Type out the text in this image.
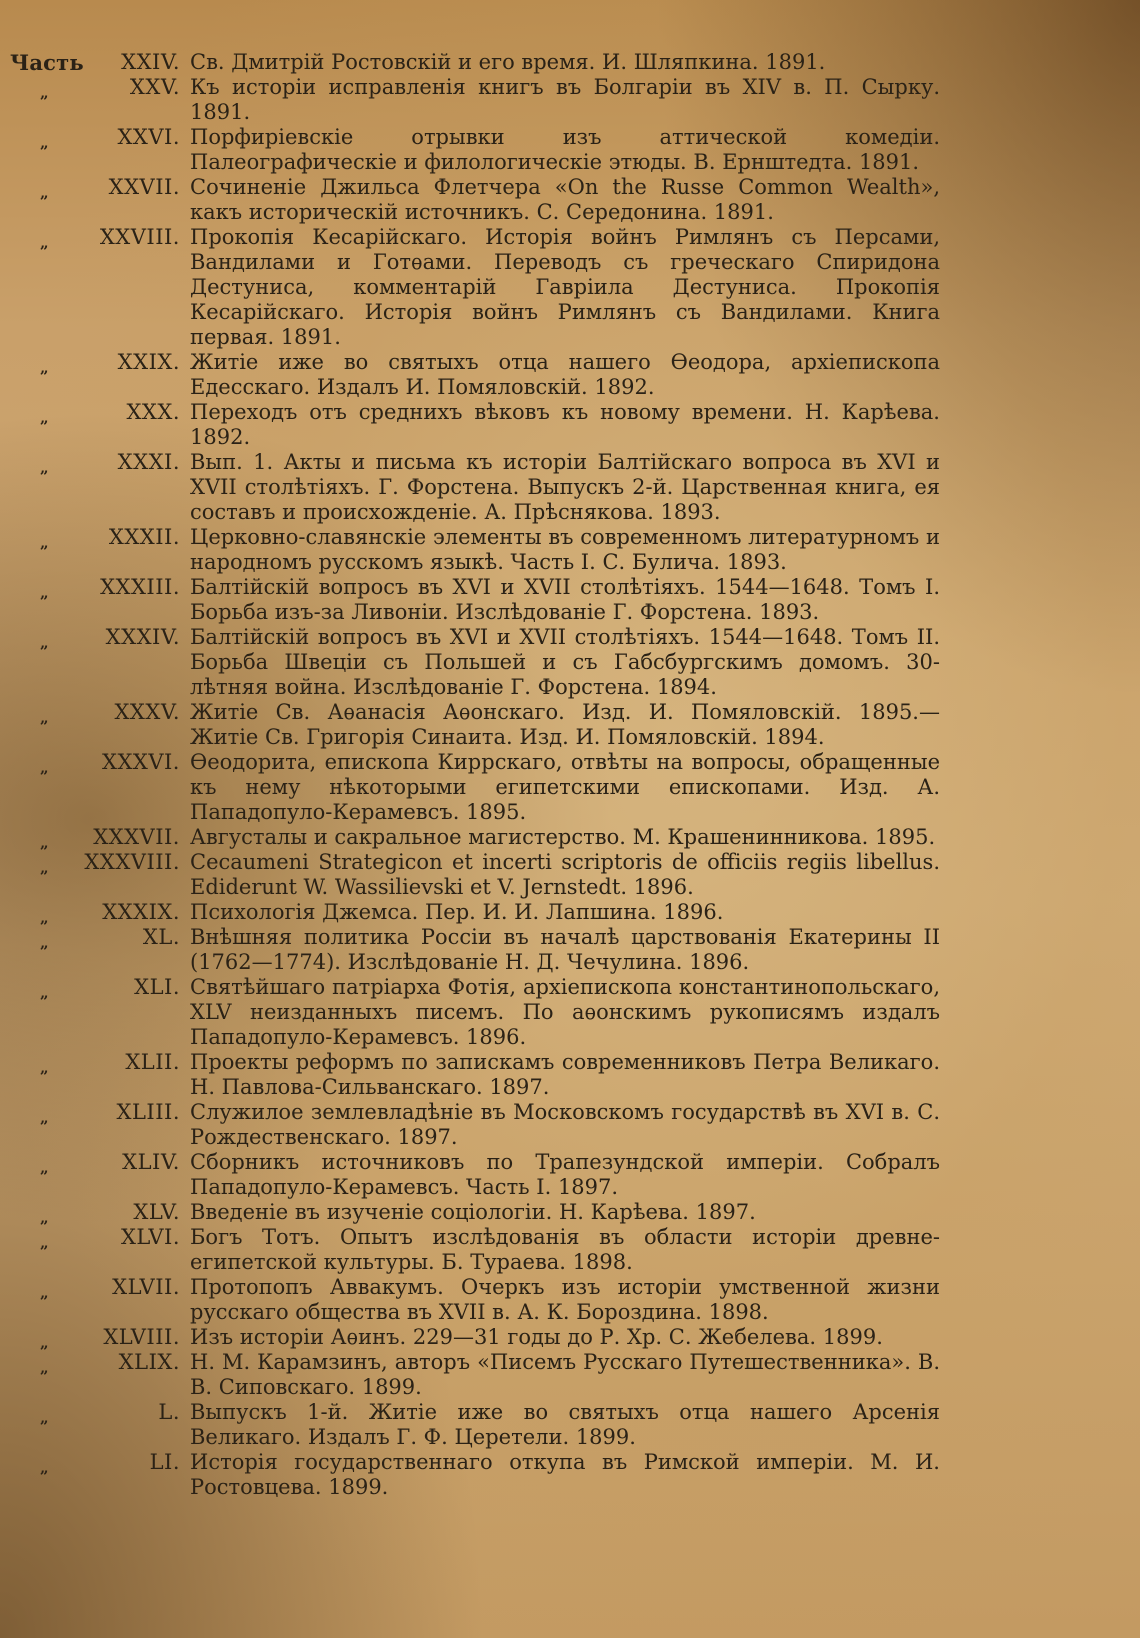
Часть XXIV. Св. Дмитрій Ростовскій и его время. И. Шляпкина. 1891.
„	XXV. Къ исторіи исправленія книгъ въ Болгаріи въ XIV в. П. Сырку. 1891.
„	XXVI. Порфиріевскіе отрывки изъ аттической комедіи. Палеографическіе и филологическіе этюды. В. Ернштедта. 1891.
„	XXVII. Сочиненіе Джильса Флетчера «On the Russe Common Wealth», какъ историческій источникъ. С. Середонина. 1891.
„ XXVIII. Прокопія Кесарійскаго. Исторія войнъ Римлянъ съ Персами, Вандилами и Готѳами. Переводъ съ греческаго Спиридона Дестуниса, комментарій Гавріила Дестуниса. Прокопія Кесарійскаго. Исторія войнъ Римлянъ съ Вандилами. Книга первая. 1891.
„	XXIX. Житіе иже во святыхъ отца нашего Ѳеодора, архіепископа Едесскаго. Издалъ И. Помяловскій. 1892.
„	XXX. Переходъ отъ среднихъ вѣковъ къ новому времени. Н. Карѣева. 1892.
„	XXXI. Вып. 1. Акты и письма къ исторіи Балтійскаго вопроса въ XVI и XVII столѣтіяхъ. Г. Форстена. Выпускъ 2-й. Царственная книга, ея составъ и происхожденіе. А. Прѣснякова. 1893.
„	XXXII. Церковно-славянскіе элементы въ современномъ литературномъ и народномъ русскомъ языкѣ. Часть I. С. Булича. 1893.
„ XXXIII. Балтійскій вопросъ въ XVI и XVII столѣтіяхъ. 1544—1648. Томъ I. Борьба изъ-за Ливоніи. Изслѣдованіе Г. Форстена. 1893.
„	XXXIV. Балтійскій вопросъ въ XVI и XVII столѣтіяхъ. 1544—1648. Томъ II. Борьба Швеціи съ Польшей и съ Габсбургскимъ домомъ. 30-лѣтняя война. Изслѣдованіе Г. Форстена. 1894.
„	XXXV. Житіе Св. Аѳанасія Аѳонскаго. Изд. И. Помяловскій. 1895.— Житіе Св. Григорія Синаита. Изд. И. Помяловскій. 1894.
„	XXXVI. Ѳеодорита, епископа Киррскаго, отвѣты на вопросы, обращенные къ нему нѣкоторыми египетскими епископами. Изд. А. Пападопуло-Керамевсъ. 1895.
„ XXXVII. Августалы и сакральное магистерство. М. Крашенинникова. 1895.
„ XXXVIII. Cecaumeni Strategicon et incerti scriptoris de officiis regiis libellus. Ediderunt W. Wassilievski et V. Jernstedt. 1896.
„	XXXIX. Психологія Джемса. Пер. И. И. Лапшина. 1896.
„	XL. Внѣшняя политика Россіи въ началѣ царствованія Екатерины II (1762—1774). Изслѣдованіе Н. Д. Чечулина. 1896.
„	XLI. Святѣйшаго патріарха Фотія, архіепископа константинопольскаго, XLV неизданныхъ писемъ. По аѳонскимъ рукописямъ издалъ Пападопуло-Керамевсъ. 1896.
„	XLII. Проекты реформъ по запискамъ современниковъ Петра Великаго. Н. Павлова-Сильванскаго. 1897.
„	XLIII. Служилое землевладѣніе въ Московскомъ государствѣ въ XVI в. С. Рождественскаго. 1897.
„	XLIV. Сборникъ источниковъ по Трапезундской имперіи. Собралъ Пападопуло-Керамевсъ. Часть I. 1897.
„	XLV. Введеніе въ изученіе соціологіи. Н. Карѣева. 1897.
„	XLVI. Богъ Тотъ. Опытъ изслѣдованія въ области исторіи древне-египетской культуры. Б. Тураева. 1898.
„	XLVII. Протопопъ Аввакумъ. Очеркъ изъ исторіи умственной жизни русскаго общества въ XVII в. А. К. Бороздина. 1898.
„	XLVIII. Изъ исторіи Аѳинъ. 229—31 годы до Р. Хр. С. Жебелева. 1899.
„	XLIX. Н. М. Карамзинъ, авторъ «Писемъ Русскаго Путешественника». В. В. Сиповскаго. 1899.
„	L. Выпускъ 1-й. Житіе иже во святыхъ отца нашего Арсенія Великаго. Издалъ Г. Ф. Церетели. 1899.
„	LI. Исторія государственнаго откупа въ Римской имперіи. М. И. Ростовцева. 1899.
